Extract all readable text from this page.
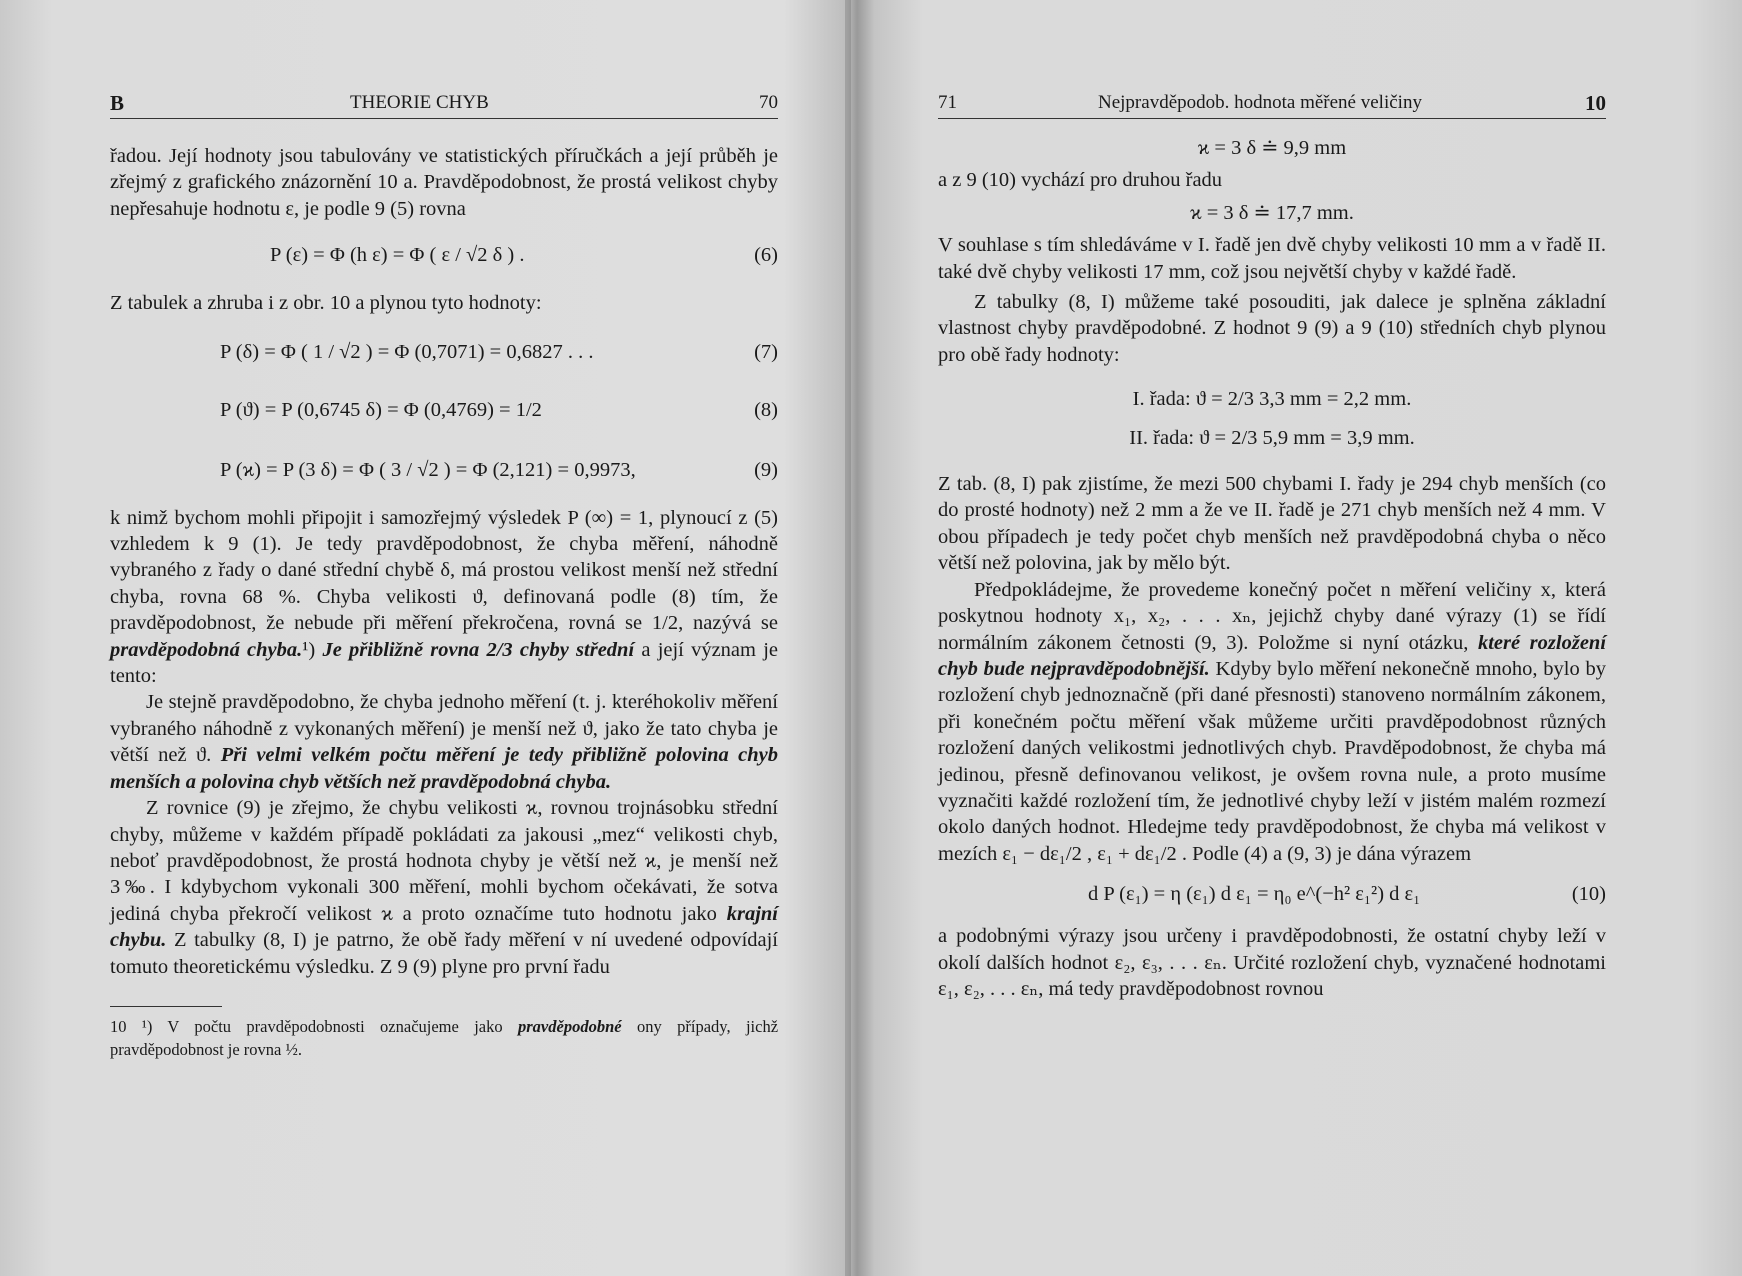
B	THEORIE CHYB	70

řadou. Její hodnoty jsou tabulovány ve statistických příručkách a její průběh je zřejmý z grafického znázornění 10 a. Pravděpodobnost, že prostá velikost chyby nepřesahuje hodnotu ε, je podle 9 (5) rovna

P (ε) = Φ (h ε) = Φ ( ε / √2 δ ) .	(6)

Z tabulek a zhruba i z obr. 10 a plynou tyto hodnoty:

P (δ) = Φ ( 1 / √2 ) = Φ (0,7071) = 0,6827 . . .	(7)
P (ϑ) = P (0,6745 δ) = Φ (0,4769) = 1/2	(8)
P (ϰ) = P (3 δ) = Φ ( 3 / √2 ) = Φ (2,121) = 0,9973,	(9)

k nimž bychom mohli připojit i samozřejmý výsledek P (∞) = 1, plynoucí z (5) vzhledem k 9 (1). Je tedy pravděpodobnost, že chyba měření, náhodně vybraného z řady o dané střední chybě δ, má prostou velikost menší než střední chyba, rovna 68 %. Chyba velikosti ϑ, definovaná podle (8) tím, že pravděpodobnost, že nebude při měření překročena, rovná se 1/2, nazývá se pravděpodobná chyba.¹) Je přibližně rovna 2/3 chyby střední a její význam je tento:

Je stejně pravděpodobno, že chyba jednoho měření (t. j. kteréhokoliv měření vybraného náhodně z vykonaných měření) je menší než ϑ, jako že tato chyba je větší než ϑ. Při velmi velkém počtu měření je tedy přibližně polovina chyb menších a polovina chyb větších než pravděpodobná chyba.

Z rovnice (9) je zřejmo, že chybu velikosti ϰ, rovnou trojnásobku střední chyby, můžeme v každém případě pokládati za jakousi „mez“ velikosti chyb, neboť pravděpodobnost, že prostá hodnota chyby je větší než ϰ, je menší než 3‰. I kdybychom vykonali 300 měření, mohli bychom očekávati, že sotva jediná chyba překročí velikost ϰ a proto označíme tuto hodnotu jako krajní chybu. Z tabulky (8, I) je patrno, že obě řady měření v ní uvedené odpovídají tomuto theoretickému výsledku. Z 9 (9) plyne pro první řadu

10 ¹) V počtu pravděpodobnosti označujeme jako pravděpodobné ony případy, jichž pravděpodobnost je rovna ½.

71	Nejpravděpodob. hodnota měřené veličiny	10

ϰ = 3 δ ≐ 9,9 mm

a z 9 (10) vychází pro druhou řadu

ϰ = 3 δ ≐ 17,7 mm.

V souhlase s tím shledáváme v I. řadě jen dvě chyby velikosti 10 mm a v řadě II. také dvě chyby velikosti 17 mm, což jsou největší chyby v každé řadě.

Z tabulky (8, I) můžeme také posouditi, jak dalece je splněna základní vlastnost chyby pravděpodobné. Z hodnot 9 (9) a 9 (10) středních chyb plynou pro obě řady hodnoty:

I. řada: ϑ = 2/3 3,3 mm = 2,2 mm.

II. řada: ϑ = 2/3 5,9 mm = 3,9 mm.

Z tab. (8, I) pak zjistíme, že mezi 500 chybami I. řady je 294 chyb menších (co do prosté hodnoty) než 2 mm a že ve II. řadě je 271 chyb menších než 4 mm. V obou případech je tedy počet chyb menších než pravděpodobná chyba o něco větší než polovina, jak by mělo být.

Předpokládejme, že provedeme konečný počet n měření veličiny x, která poskytnou hodnoty x₁, x₂, . . . xₙ, jejichž chyby dané výrazy (1) se řídí normálním zákonem četnosti (9, 3). Položme si nyní otázku, které rozložení chyb bude nejpravděpodobnější. Kdyby bylo měření nekonečně mnoho, bylo by rozložení chyb jednoznačně (při dané přesnosti) stanoveno normálním zákonem, při konečném počtu měření však můžeme určiti pravděpodobnost různých rozložení daných velikostmi jednotlivých chyb. Pravděpodobnost, že chyba má jedinou, přesně definovanou velikost, je ovšem rovna nule, a proto musíme vyznačiti každé rozložení tím, že jednotlivé chyby leží v jistém malém rozmezí okolo daných hodnot. Hledejme tedy pravděpodobnost, že chyba má velikost v mezích ε₁ − dε₁/2 , ε₁ + dε₁/2 . Podle (4) a (9, 3) je dána výrazem

d P (ε₁) = η (ε₁) d ε₁ = η₀ e^(−h² ε₁²) d ε₁	(10)

a podobnými výrazy jsou určeny i pravděpodobnosti, že ostatní chyby leží v okolí dalších hodnot ε₂, ε₃, . . . εₙ. Určité rozložení chyb, vyznačené hodnotami ε₁, ε₂, . . . εₙ, má tedy pravděpodobnost rovnou
